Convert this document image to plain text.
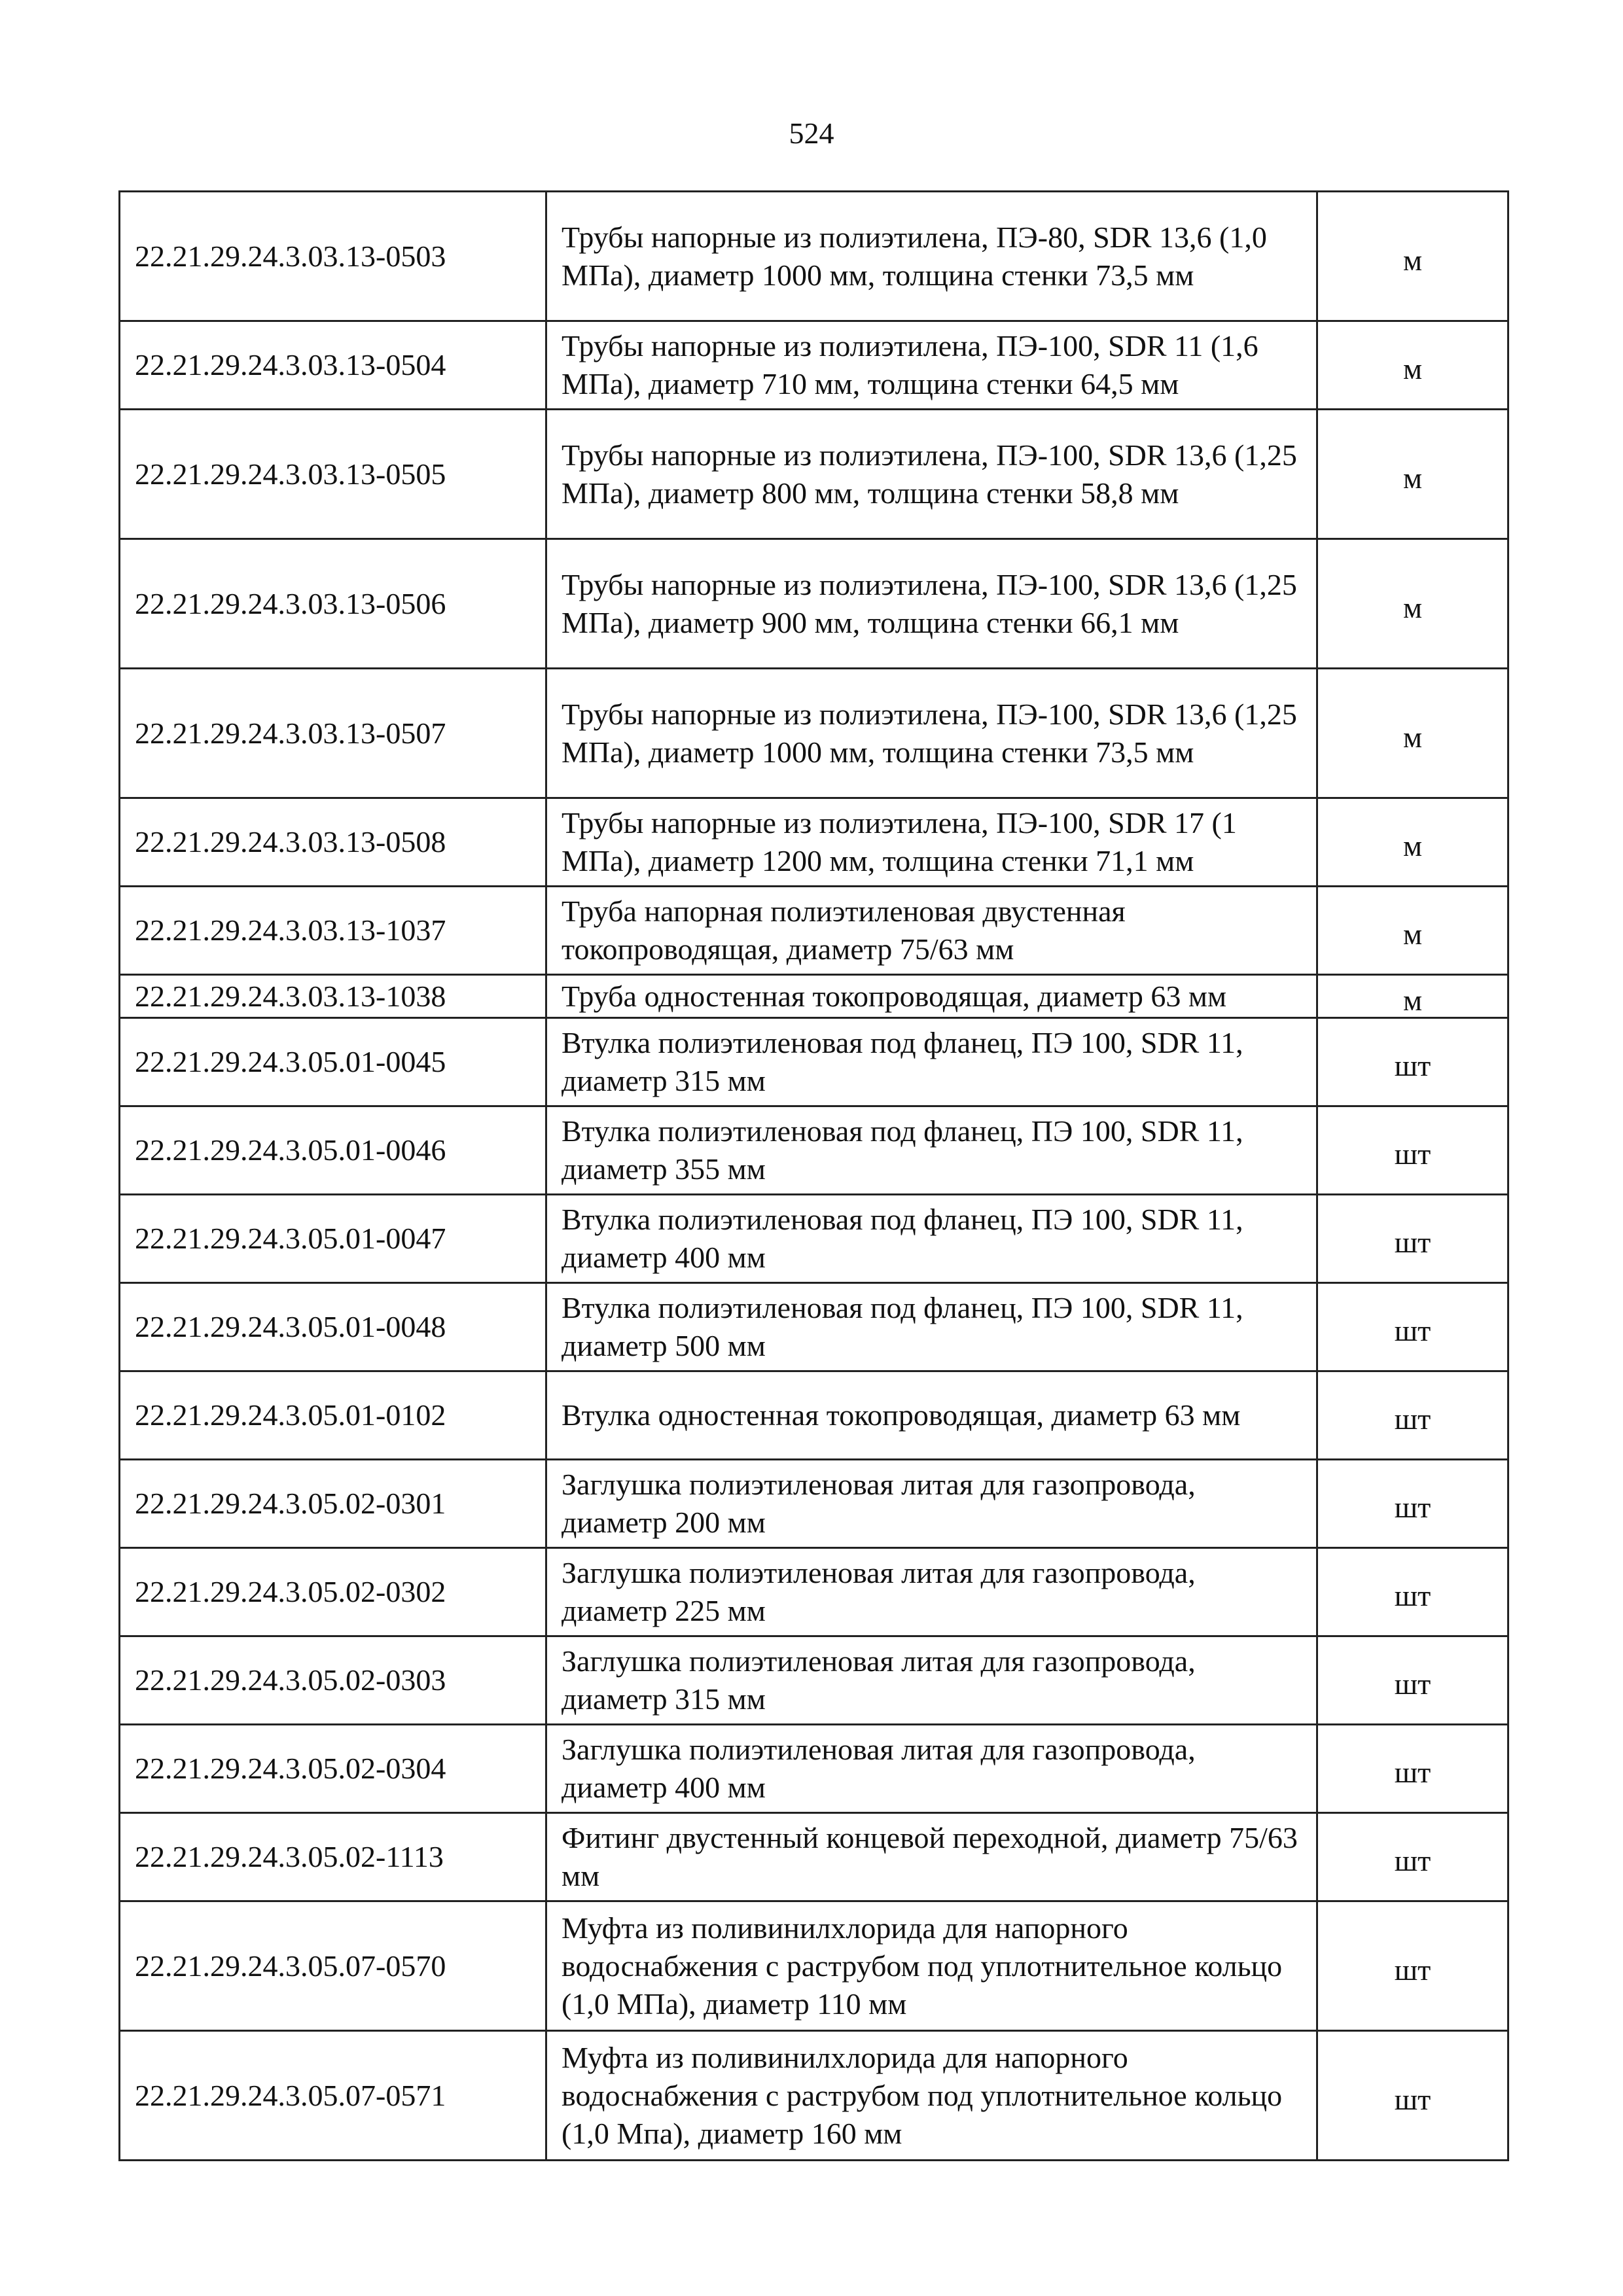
524
22.21.29.24.3.03.13-0503	Трубы напорные из полиэтилена, ПЭ-80, SDR 13,6 (1,0 МПа), диаметр 1000 мм, толщина стенки 73,5 мм	м
22.21.29.24.3.03.13-0504	Трубы напорные из полиэтилена, ПЭ-100, SDR 11 (1,6 МПа), диаметр 710 мм, толщина стенки 64,5 мм	м
22.21.29.24.3.03.13-0505	Трубы напорные из полиэтилена, ПЭ-100, SDR 13,6 (1,25 МПа), диаметр 800 мм, толщина стенки 58,8 мм	м
22.21.29.24.3.03.13-0506	Трубы напорные из полиэтилена, ПЭ-100, SDR 13,6 (1,25 МПа), диаметр 900 мм, толщина стенки 66,1 мм	м
22.21.29.24.3.03.13-0507	Трубы напорные из полиэтилена, ПЭ-100, SDR 13,6 (1,25 МПа), диаметр 1000 мм, толщина стенки 73,5 мм	м
22.21.29.24.3.03.13-0508	Трубы напорные из полиэтилена, ПЭ-100, SDR 17 (1 МПа), диаметр 1200 мм, толщина стенки 71,1 мм	м
22.21.29.24.3.03.13-1037	Труба напорная полиэтиленовая двустенная токопроводящая, диаметр 75/63 мм	м
22.21.29.24.3.03.13-1038	Труба одностенная токопроводящая, диаметр 63 мм	м
22.21.29.24.3.05.01-0045	Втулка полиэтиленовая под фланец, ПЭ 100, SDR 11, диаметр 315 мм	шт
22.21.29.24.3.05.01-0046	Втулка полиэтиленовая под фланец, ПЭ 100, SDR 11, диаметр 355 мм	шт
22.21.29.24.3.05.01-0047	Втулка полиэтиленовая под фланец, ПЭ 100, SDR 11, диаметр 400 мм	шт
22.21.29.24.3.05.01-0048	Втулка полиэтиленовая под фланец, ПЭ 100, SDR 11, диаметр 500 мм	шт
22.21.29.24.3.05.01-0102	Втулка одностенная токопроводящая, диаметр 63 мм	шт
22.21.29.24.3.05.02-0301	Заглушка полиэтиленовая литая для газопровода, диаметр 200 мм	шт
22.21.29.24.3.05.02-0302	Заглушка полиэтиленовая литая для газопровода, диаметр 225 мм	шт
22.21.29.24.3.05.02-0303	Заглушка полиэтиленовая литая для газопровода, диаметр 315 мм	шт
22.21.29.24.3.05.02-0304	Заглушка полиэтиленовая литая для газопровода, диаметр 400 мм	шт
22.21.29.24.3.05.02-1113	Фитинг двустенный концевой переходной, диаметр 75/63 мм	шт
22.21.29.24.3.05.07-0570	Муфта из поливинилхлорида для напорного водоснабжения с раструбом под уплотнительное кольцо (1,0 МПа), диаметр 110 мм	шт
22.21.29.24.3.05.07-0571	Муфта из поливинилхлорида для напорного водоснабжения с раструбом под уплотнительное кольцо (1,0 Мпа), диаметр 160 мм	шт
